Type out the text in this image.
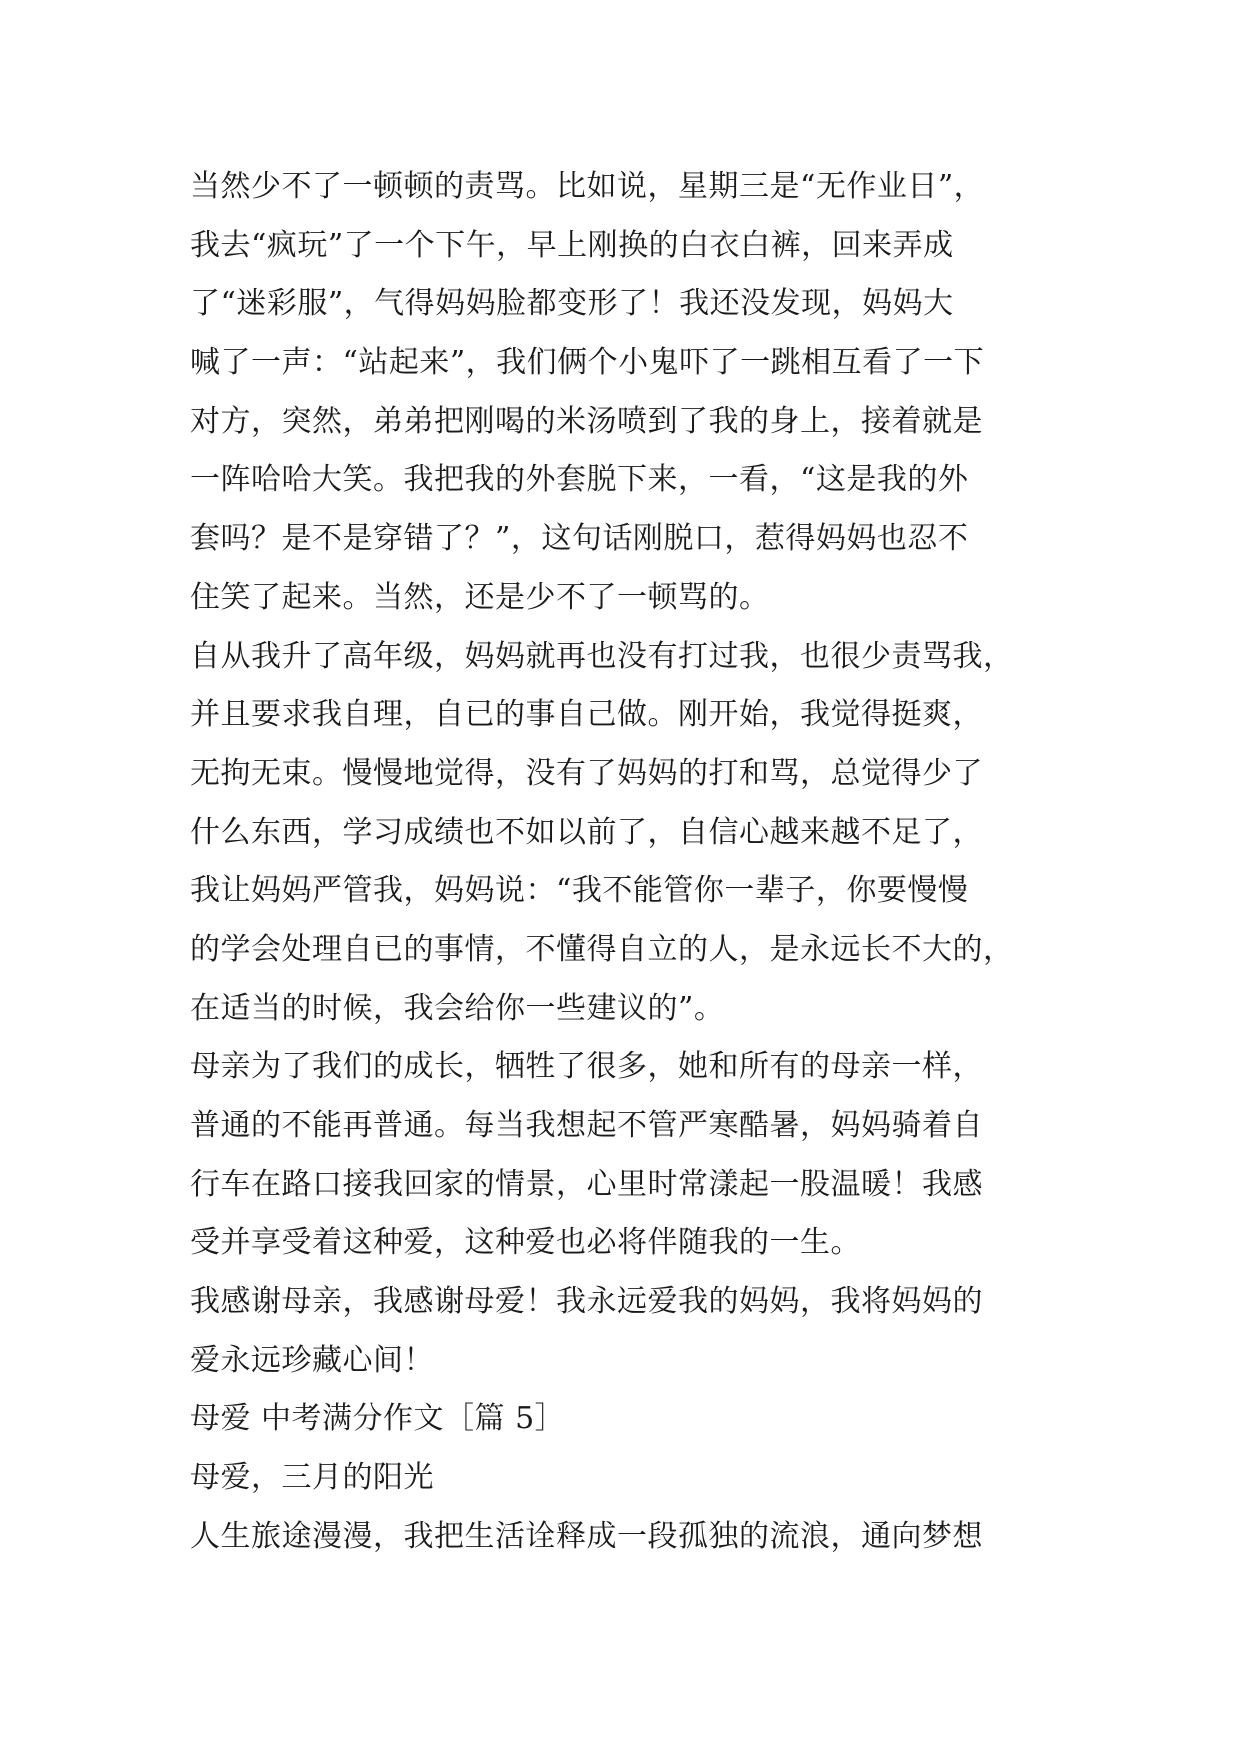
当然少不了一顿顿的责骂。比如说，星期三是“无作业日”，
我去“疯玩”了一个下午，早上刚换的白衣白裤，回来弄成
了“迷彩服”，气得妈妈脸都变形了！我还没发现，妈妈大
喊了一声：“站起来”，我们俩个小鬼吓了一跳相互看了一下
对方，突然，弟弟把刚喝的米汤喷到了我的身上，接着就是
一阵哈哈大笑。我把我的外套脱下来，一看，“这是我的外
套吗？是不是穿错了？”，这句话刚脱口，惹得妈妈也忍不
住笑了起来。当然，还是少不了一顿骂的。
自从我升了高年级，妈妈就再也没有打过我，也很少责骂我，
并且要求我自理，自已的事自己做。刚开始，我觉得挺爽，
无拘无束。慢慢地觉得，没有了妈妈的打和骂，总觉得少了
什么东西，学习成绩也不如以前了，自信心越来越不足了，
我让妈妈严管我，妈妈说：“我不能管你一辈子，你要慢慢
的学会处理自已的事情，不懂得自立的人，是永远长不大的，
在适当的时候，我会给你一些建议的”。
母亲为了我们的成长，牺牲了很多，她和所有的母亲一样，
普通的不能再普通。每当我想起不管严寒酷暑，妈妈骑着自
行车在路口接我回家的情景，心里时常漾起一股温暖！我感
受并享受着这种爱，这种爱也必将伴随我的一生。
我感谢母亲，我感谢母爱！我永远爱我的妈妈，我将妈妈的
爱永远珍藏心间！
母爱 中考满分作文［篇 5］
母爱，三月的阳光
人生旅途漫漫，我把生活诠释成一段孤独的流浪，通向梦想
